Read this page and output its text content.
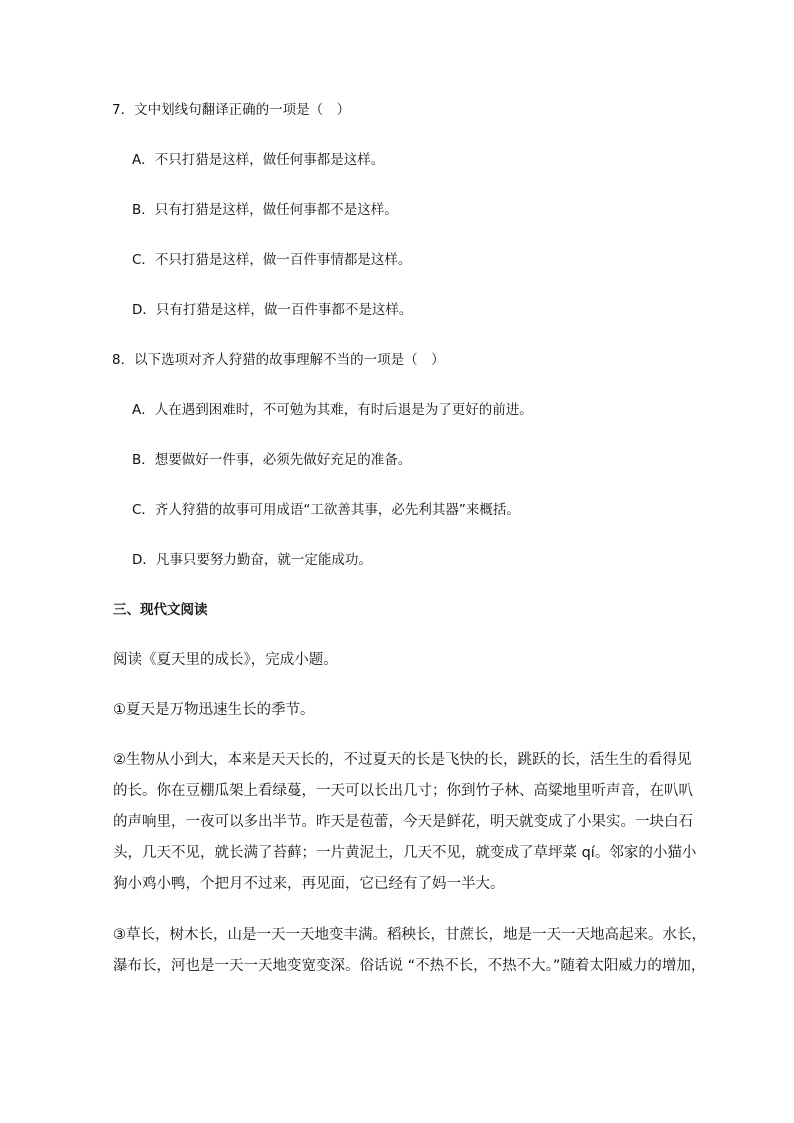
7．文中划线句翻译正确的一项是（　）
A．不只打猎是这样，做任何事都是这样。
B．只有打猎是这样，做任何事都不是这样。
C．不只打猎是这样，做一百件事情都是这样。
D．只有打猎是这样，做一百件事都不是这样。
8．以下选项对齐人狩猎的故事理解不当的一项是（　）
A．人在遇到困难时，不可勉为其难，有时后退是为了更好的前进。
B．想要做好一件事，必须先做好充足的准备。
C．齐人狩猎的故事可用成语“工欲善其事，必先利其器”来概括。
D．凡事只要努力勤奋，就一定能成功。
三、现代文阅读
阅读《夏天里的成长》，完成小题。
①夏天是万物迅速生长的季节。
②生物从小到大，本来是天天长的，不过夏天的长是飞快的长，跳跃的长，活生生的看得见
的长。你在豆棚瓜架上看绿蔓，一天可以长出几寸；你到竹子林、高粱地里听声音，在叭叭
的声响里，一夜可以多出半节。昨天是苞蕾，今天是鲜花，明天就变成了小果实。一块白石
头，几天不见，就长满了苔藓；一片黄泥土，几天不见，就变成了草坪菜 qí。邻家的小猫小
狗小鸡小鸭，个把月不过来，再见面，它已经有了妈一半大。
③草长，树木长，山是一天一天地变丰满。稻秧长，甘蔗长，地是一天一天地高起来。水长，
瀑布长，河也是一天一天地变宽变深。俗话说 “不热不长，不热不大。”随着太阳威力的增加，
